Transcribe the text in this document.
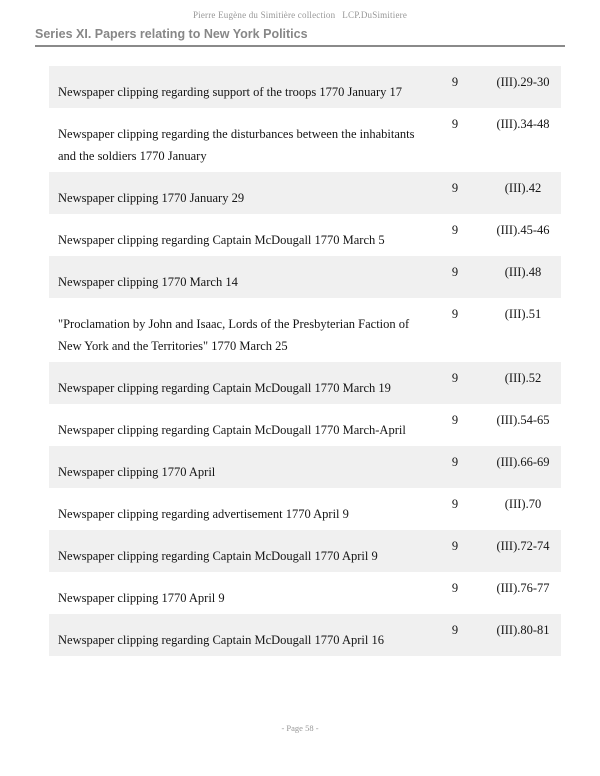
Pierre Eugène du Simitière collection LCP.DuSimitiere
Series XI. Papers relating to New York Politics
Newspaper clipping regarding support of the troops 1770 January 17
9	(III).29-30
Newspaper clipping regarding the disturbances between the inhabitants and the soldiers 1770 January
9	(III).34-48
Newspaper clipping 1770 January 29
9	(III).42
Newspaper clipping regarding Captain McDougall 1770 March 5
9	(III).45-46
Newspaper clipping 1770 March 14
9	(III).48
"Proclamation by John and Isaac, Lords of the Presbyterian Faction of New York and the Territories" 1770 March 25
9	(III).51
Newspaper clipping regarding Captain McDougall 1770 March 19
9	(III).52
Newspaper clipping regarding Captain McDougall 1770 March-April
9	(III).54-65
Newspaper clipping 1770 April
9	(III).66-69
Newspaper clipping regarding advertisement 1770 April 9
9	(III).70
Newspaper clipping regarding Captain McDougall 1770 April 9
9	(III).72-74
Newspaper clipping 1770 April 9
9	(III).76-77
Newspaper clipping regarding Captain McDougall 1770 April 16
9	(III).80-81
- Page 58 -
